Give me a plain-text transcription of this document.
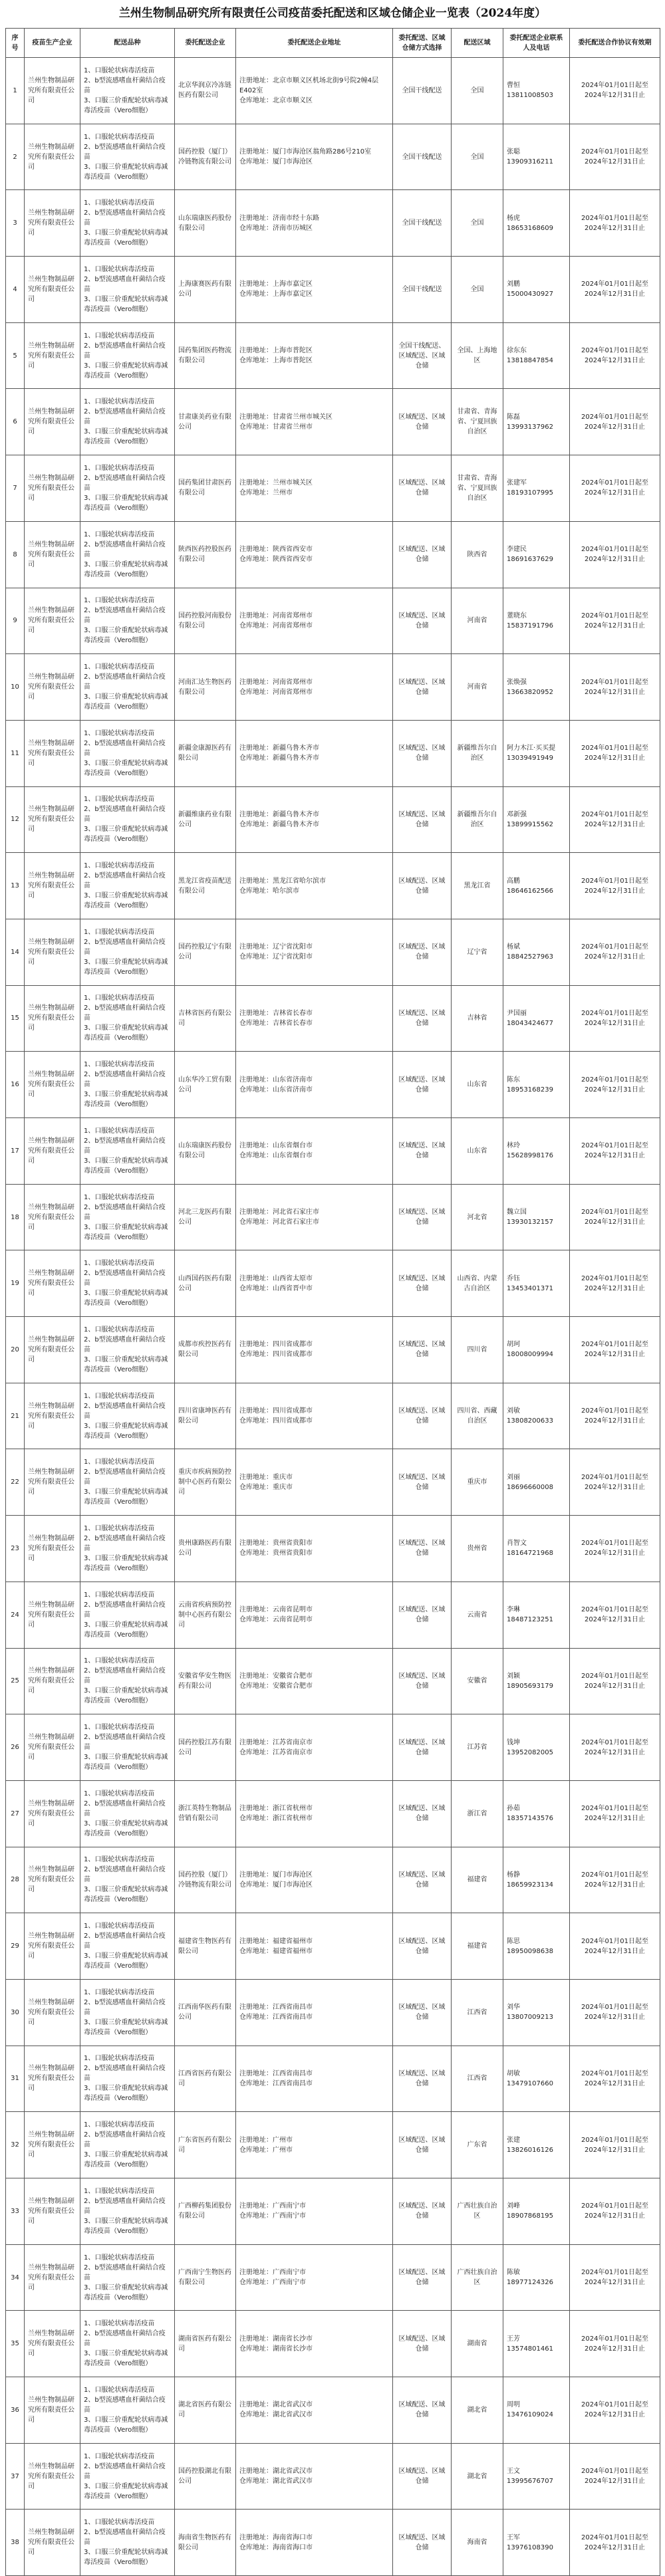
兰州生物制品研究所有限责任公司疫苗委托配送和区域仓储企业一览表（2024年度）
序号	疫苗生产企业	配送品种	委托配送企业	委托配送企业地址	委托配送、区域仓储方式选择	配送区域	委托配送企业联系人及电话	委托配送合作协议有效期
1	兰州生物制品研究所有限责任公司	1、口服轮状病毒活疫苗
2、b型流感嗜血杆菌结合疫苗
3、口服三价重配轮状病毒减毒活疫苗（Vero细胞）	北京华润京冷冻链医药有限公司	注册地址：北京市顺义区机场北街9号院2幢4层E402室
仓库地址：北京市顺义区	全国干线配送	全国	曹恒
13811008503	2024年01月01日起至2024年12月31日止
2	兰州生物制品研究所有限责任公司	1、口服轮状病毒活疫苗
2、b型流感嗜血杆菌结合疫苗
3、口服三价重配轮状病毒减毒活疫苗（Vero细胞）	国药控股（厦门）冷链物流有限公司	注册地址：厦门市海沧区翁角路286号210室
仓库地址：厦门市海沧区	全国干线配送	全国	张聪
13909316211	2024年01月01日起至2024年12月31日止
3	兰州生物制品研究所有限责任公司	1、口服轮状病毒活疫苗
2、b型流感嗜血杆菌结合疫苗
3、口服三价重配轮状病毒减毒活疫苗（Vero细胞）	山东瑞康医药股份有限公司	注册地址：济南市经十东路
仓库地址：济南市历城区	全国干线配送	全国	杨虎
18653168609	2024年01月01日起至2024年12月31日止
4	兰州生物制品研究所有限责任公司	1、口服轮状病毒活疫苗
2、b型流感嗜血杆菌结合疫苗
3、口服三价重配轮状病毒减毒活疫苗（Vero细胞）	上海康赛医药有限公司	注册地址：上海市嘉定区
仓库地址：上海市嘉定区	全国干线配送	全国	刘鹏
15000430927	2024年01月01日起至2024年12月31日止
5	兰州生物制品研究所有限责任公司	1、口服轮状病毒活疫苗
2、b型流感嗜血杆菌结合疫苗
3、口服三价重配轮状病毒减毒活疫苗（Vero细胞）	国药集团医药物流有限公司	注册地址：上海市普陀区
仓库地址：上海市普陀区	全国干线配送、区域配送、区域仓储	全国、上海地区	徐东东
13818847854	2024年01月01日起至2024年12月31日止
6	兰州生物制品研究所有限责任公司	1、口服轮状病毒活疫苗
2、b型流感嗜血杆菌结合疫苗
3、口服三价重配轮状病毒减毒活疫苗（Vero细胞）	甘肃康美药业有限公司	注册地址：甘肃省兰州市城关区
仓库地址：甘肃省兰州市	区域配送、区域仓储	甘肃省、青海省、宁夏回族自治区	陈磊
13993137962	2024年01月01日起至2024年12月31日止
7	兰州生物制品研究所有限责任公司	1、口服轮状病毒活疫苗
2、b型流感嗜血杆菌结合疫苗
3、口服三价重配轮状病毒减毒活疫苗（Vero细胞）	国药集团甘肃医药有限公司	注册地址：兰州市城关区
仓库地址：兰州市	区域配送、区域仓储	甘肃省、青海省、宁夏回族自治区	张建军
18193107995	2024年01月01日起至2024年12月31日止
8	兰州生物制品研究所有限责任公司	1、口服轮状病毒活疫苗
2、b型流感嗜血杆菌结合疫苗
3、口服三价重配轮状病毒减毒活疫苗（Vero细胞）	陕西医药控股医药有限公司	注册地址：陕西省西安市
仓库地址：陕西省西安市	区域配送、区域仓储	陕西省	李建民
18691637629	2024年01月01日起至2024年12月31日止
9	兰州生物制品研究所有限责任公司	1、口服轮状病毒活疫苗
2、b型流感嗜血杆菌结合疫苗
3、口服三价重配轮状病毒减毒活疫苗（Vero细胞）	国药控股河南股份有限公司	注册地址：河南省郑州市
仓库地址：河南省郑州市	区域配送、区域仓储	河南省	董晓东
15837191796	2024年01月01日起至2024年12月31日止
10	兰州生物制品研究所有限责任公司	1、口服轮状病毒活疫苗
2、b型流感嗜血杆菌结合疫苗
3、口服三价重配轮状病毒减毒活疫苗（Vero细胞）	河南汇达生物医药有限公司	注册地址：河南省郑州市
仓库地址：河南省郑州市	区域配送、区域仓储	河南省	张焕强
13663820952	2024年01月01日起至2024年12月31日止
11	兰州生物制品研究所有限责任公司	1、口服轮状病毒活疫苗
2、b型流感嗜血杆菌结合疫苗
3、口服三价重配轮状病毒减毒活疫苗（Vero细胞）	新疆金康源医药有限公司	注册地址：新疆乌鲁木齐市
仓库地址：新疆乌鲁木齐市	区域配送、区域仓储	新疆维吾尔自治区	阿力木江·买买提
13039491949	2024年01月01日起至2024年12月31日止
12	兰州生物制品研究所有限责任公司	1、口服轮状病毒活疫苗
2、b型流感嗜血杆菌结合疫苗
3、口服三价重配轮状病毒减毒活疫苗（Vero细胞）	新疆维康药业有限公司	注册地址：新疆乌鲁木齐市
仓库地址：新疆乌鲁木齐市	区域配送、区域仓储	新疆维吾尔自治区	邓新强
13899915562	2024年01月01日起至2024年12月31日止
13	兰州生物制品研究所有限责任公司	1、口服轮状病毒活疫苗
2、b型流感嗜血杆菌结合疫苗
3、口服三价重配轮状病毒减毒活疫苗（Vero细胞）	黑龙江省疫苗配送有限公司	注册地址：黑龙江省哈尔滨市
仓库地址：哈尔滨市	区域配送、区域仓储	黑龙江省	高鹏
18646162566	2024年01月01日起至2024年12月31日止
14	兰州生物制品研究所有限责任公司	1、口服轮状病毒活疫苗
2、b型流感嗜血杆菌结合疫苗
3、口服三价重配轮状病毒减毒活疫苗（Vero细胞）	国药控股辽宁有限公司	注册地址：辽宁省沈阳市
仓库地址：辽宁省沈阳市	区域配送、区域仓储	辽宁省	杨斌
18842527963	2024年01月01日起至2024年12月31日止
15	兰州生物制品研究所有限责任公司	1、口服轮状病毒活疫苗
2、b型流感嗜血杆菌结合疫苗
3、口服三价重配轮状病毒减毒活疫苗（Vero细胞）	吉林省医药有限公司	注册地址：吉林省长春市
仓库地址：吉林省长春市	区域配送、区域仓储	吉林省	尹国丽
18043424677	2024年01月01日起至2024年12月31日止
16	兰州生物制品研究所有限责任公司	1、口服轮状病毒活疫苗
2、b型流感嗜血杆菌结合疫苗
3、口服三价重配轮状病毒减毒活疫苗（Vero细胞）	山东华冷工贸有限公司	注册地址：山东省济南市
仓库地址：山东省济南市	区域配送、区域仓储	山东省	陈东
18953168239	2024年01月01日起至2024年12月31日止
17	兰州生物制品研究所有限责任公司	1、口服轮状病毒活疫苗
2、b型流感嗜血杆菌结合疫苗
3、口服三价重配轮状病毒减毒活疫苗（Vero细胞）	山东瑞康医药股份有限公司	注册地址：山东省烟台市
仓库地址：山东省烟台市	区域配送、区域仓储	山东省	林玲
15628998176	2024年01月01日起至2024年12月31日止
18	兰州生物制品研究所有限责任公司	1、口服轮状病毒活疫苗
2、b型流感嗜血杆菌结合疫苗
3、口服三价重配轮状病毒减毒活疫苗（Vero细胞）	河北三龙医药有限公司	注册地址：河北省石家庄市
仓库地址：河北省石家庄市	区域配送、区域仓储	河北省	魏立国
13930132157	2024年01月01日起至2024年12月31日止
19	兰州生物制品研究所有限责任公司	1、口服轮状病毒活疫苗
2、b型流感嗜血杆菌结合疫苗
3、口服三价重配轮状病毒减毒活疫苗（Vero细胞）	山西国药医药有限公司	注册地址：山西省太原市
仓库地址：山西省晋中市	区域配送、区域仓储	山西省、内蒙古自治区	乔钰
13453401371	2024年01月01日起至2024年12月31日止
20	兰州生物制品研究所有限责任公司	1、口服轮状病毒活疫苗
2、b型流感嗜血杆菌结合疫苗
3、口服三价重配轮状病毒减毒活疫苗（Vero细胞）	成都市疾控医药有限公司	注册地址：四川省成都市
仓库地址：四川省成都市	区域配送、区域仓储	四川省	胡珂
18008009994	2024年01月01日起至2024年12月31日止
21	兰州生物制品研究所有限责任公司	1、口服轮状病毒活疫苗
2、b型流感嗜血杆菌结合疫苗
3、口服三价重配轮状病毒减毒活疫苗（Vero细胞）	四川省康坤医药有限公司	注册地址：四川省成都市
仓库地址：四川省成都市	区域配送、区域仓储	四川省、西藏自治区	刘敏
13808200633	2024年01月01日起至2024年12月31日止
22	兰州生物制品研究所有限责任公司	1、口服轮状病毒活疫苗
2、b型流感嗜血杆菌结合疫苗
3、口服三价重配轮状病毒减毒活疫苗（Vero细胞）	重庆市疾病预防控制中心医药有限公司	注册地址：重庆市
仓库地址：重庆市	区域配送、区域仓储	重庆市	刘丽
18696660008	2024年01月01日起至2024年12月31日止
23	兰州生物制品研究所有限责任公司	1、口服轮状病毒活疫苗
2、b型流感嗜血杆菌结合疫苗
3、口服三价重配轮状病毒减毒活疫苗（Vero细胞）	贵州康路医药有限公司	注册地址：贵州省贵阳市
仓库地址：贵州省贵阳市	区域配送、区域仓储	贵州省	肖智文
18164721968	2024年01月01日起至2024年12月31日止
24	兰州生物制品研究所有限责任公司	1、口服轮状病毒活疫苗
2、b型流感嗜血杆菌结合疫苗
3、口服三价重配轮状病毒减毒活疫苗（Vero细胞）	云南省疾病预防控制中心医药有限公司	注册地址：云南省昆明市
仓库地址：云南省昆明市	区域配送、区域仓储	云南省	李琳
18487123251	2024年01月01日起至2024年12月31日止
25	兰州生物制品研究所有限责任公司	1、口服轮状病毒活疫苗
2、b型流感嗜血杆菌结合疫苗
3、口服三价重配轮状病毒减毒活疫苗（Vero细胞）	安徽省华安生物医药有限公司	注册地址：安徽省合肥市
仓库地址：安徽省合肥市	区域配送、区域仓储	安徽省	刘颖
18905693179	2024年01月01日起至2024年12月31日止
26	兰州生物制品研究所有限责任公司	1、口服轮状病毒活疫苗
2、b型流感嗜血杆菌结合疫苗
3、口服三价重配轮状病毒减毒活疫苗（Vero细胞）	国药控股江苏有限公司	注册地址：江苏省南京市
仓库地址：江苏省南京市	区域配送、区域仓储	江苏省	钱坤
13952082005	2024年01月01日起至2024年12月31日止
27	兰州生物制品研究所有限责任公司	1、口服轮状病毒活疫苗
2、b型流感嗜血杆菌结合疫苗
3、口服三价重配轮状病毒减毒活疫苗（Vero细胞）	浙江英特生物制品营销有限公司	注册地址：浙江省杭州市
仓库地址：浙江省杭州市	区域配送、区域仓储	浙江省	孙茹
18357143576	2024年01月01日起至2024年12月31日止
28	兰州生物制品研究所有限责任公司	1、口服轮状病毒活疫苗
2、b型流感嗜血杆菌结合疫苗
3、口服三价重配轮状病毒减毒活疫苗（Vero细胞）	国药控股（厦门）冷链物流有限公司	注册地址：厦门市海沧区
仓库地址：厦门市海沧区	区域配送、区域仓储	福建省	杨静
18659923134	2024年01月01日起至2024年12月31日止
29	兰州生物制品研究所有限责任公司	1、口服轮状病毒活疫苗
2、b型流感嗜血杆菌结合疫苗
3、口服三价重配轮状病毒减毒活疫苗（Vero细胞）	福建省生物医药有限公司	注册地址：福建省福州市
仓库地址：福建省福州市	区域配送、区域仓储	福建省	陈思
18950098638	2024年01月01日起至2024年12月31日止
30	兰州生物制品研究所有限责任公司	1、口服轮状病毒活疫苗
2、b型流感嗜血杆菌结合疫苗
3、口服三价重配轮状病毒减毒活疫苗（Vero细胞）	江西南华医药有限公司	注册地址：江西省南昌市
仓库地址：江西省南昌市	区域配送、区域仓储	江西省	刘华
13807009213	2024年01月01日起至2024年12月31日止
31	兰州生物制品研究所有限责任公司	1、口服轮状病毒活疫苗
2、b型流感嗜血杆菌结合疫苗
3、口服三价重配轮状病毒减毒活疫苗（Vero细胞）	江西省医药有限公司	注册地址：江西省南昌市
仓库地址：江西省南昌市	区域配送、区域仓储	江西省	胡敏
13479107660	2024年01月01日起至2024年12月31日止
32	兰州生物制品研究所有限责任公司	1、口服轮状病毒活疫苗
2、b型流感嗜血杆菌结合疫苗
3、口服三价重配轮状病毒减毒活疫苗（Vero细胞）	广东省医药有限公司	注册地址：广州市
仓库地址：广州市	区域配送、区域仓储	广东省	张建
13826016126	2024年01月01日起至2024年12月31日止
33	兰州生物制品研究所有限责任公司	1、口服轮状病毒活疫苗
2、b型流感嗜血杆菌结合疫苗
3、口服三价重配轮状病毒减毒活疫苗（Vero细胞）	广西柳药集团股份有限公司	注册地址：广西南宁市
仓库地址：广西南宁市	区域配送、区域仓储	广西壮族自治区	刘峰
18907868195	2024年01月01日起至2024年12月31日止
34	兰州生物制品研究所有限责任公司	1、口服轮状病毒活疫苗
2、b型流感嗜血杆菌结合疫苗
3、口服三价重配轮状病毒减毒活疫苗（Vero细胞）	广西南宁生物医药有限公司	注册地址：广西南宁市
仓库地址：广西南宁市	区域配送、区域仓储	广西壮族自治区	陈敏
18977124326	2024年01月01日起至2024年12月31日止
35	兰州生物制品研究所有限责任公司	1、口服轮状病毒活疫苗
2、b型流感嗜血杆菌结合疫苗
3、口服三价重配轮状病毒减毒活疫苗（Vero细胞）	湖南省医药有限公司	注册地址：湖南省长沙市
仓库地址：湖南省长沙市	区域配送、区域仓储	湖南省	王芳
13574801461	2024年01月01日起至2024年12月31日止
36	兰州生物制品研究所有限责任公司	1、口服轮状病毒活疫苗
2、b型流感嗜血杆菌结合疫苗
3、口服三价重配轮状病毒减毒活疫苗（Vero细胞）	湖北省医药有限公司	注册地址：湖北省武汉市
仓库地址：湖北省武汉市	区域配送、区域仓储	湖北省	周明
13476109024	2024年01月01日起至2024年12月31日止
37	兰州生物制品研究所有限责任公司	1、口服轮状病毒活疫苗
2、b型流感嗜血杆菌结合疫苗
3、口服三价重配轮状病毒减毒活疫苗（Vero细胞）	国药控股湖北有限公司	注册地址：湖北省武汉市
仓库地址：湖北省武汉市	区域配送、区域仓储	湖北省	王文
13995676707	2024年01月01日起至2024年12月31日止
38	兰州生物制品研究所有限责任公司	1、口服轮状病毒活疫苗
2、b型流感嗜血杆菌结合疫苗
3、口服三价重配轮状病毒减毒活疫苗（Vero细胞）	海南省生物医药有限公司	注册地址：海南省海口市
仓库地址：海南省海口市	区域配送、区域仓储	海南省	王军
13976108390	2024年01月01日起至2024年12月31日止
